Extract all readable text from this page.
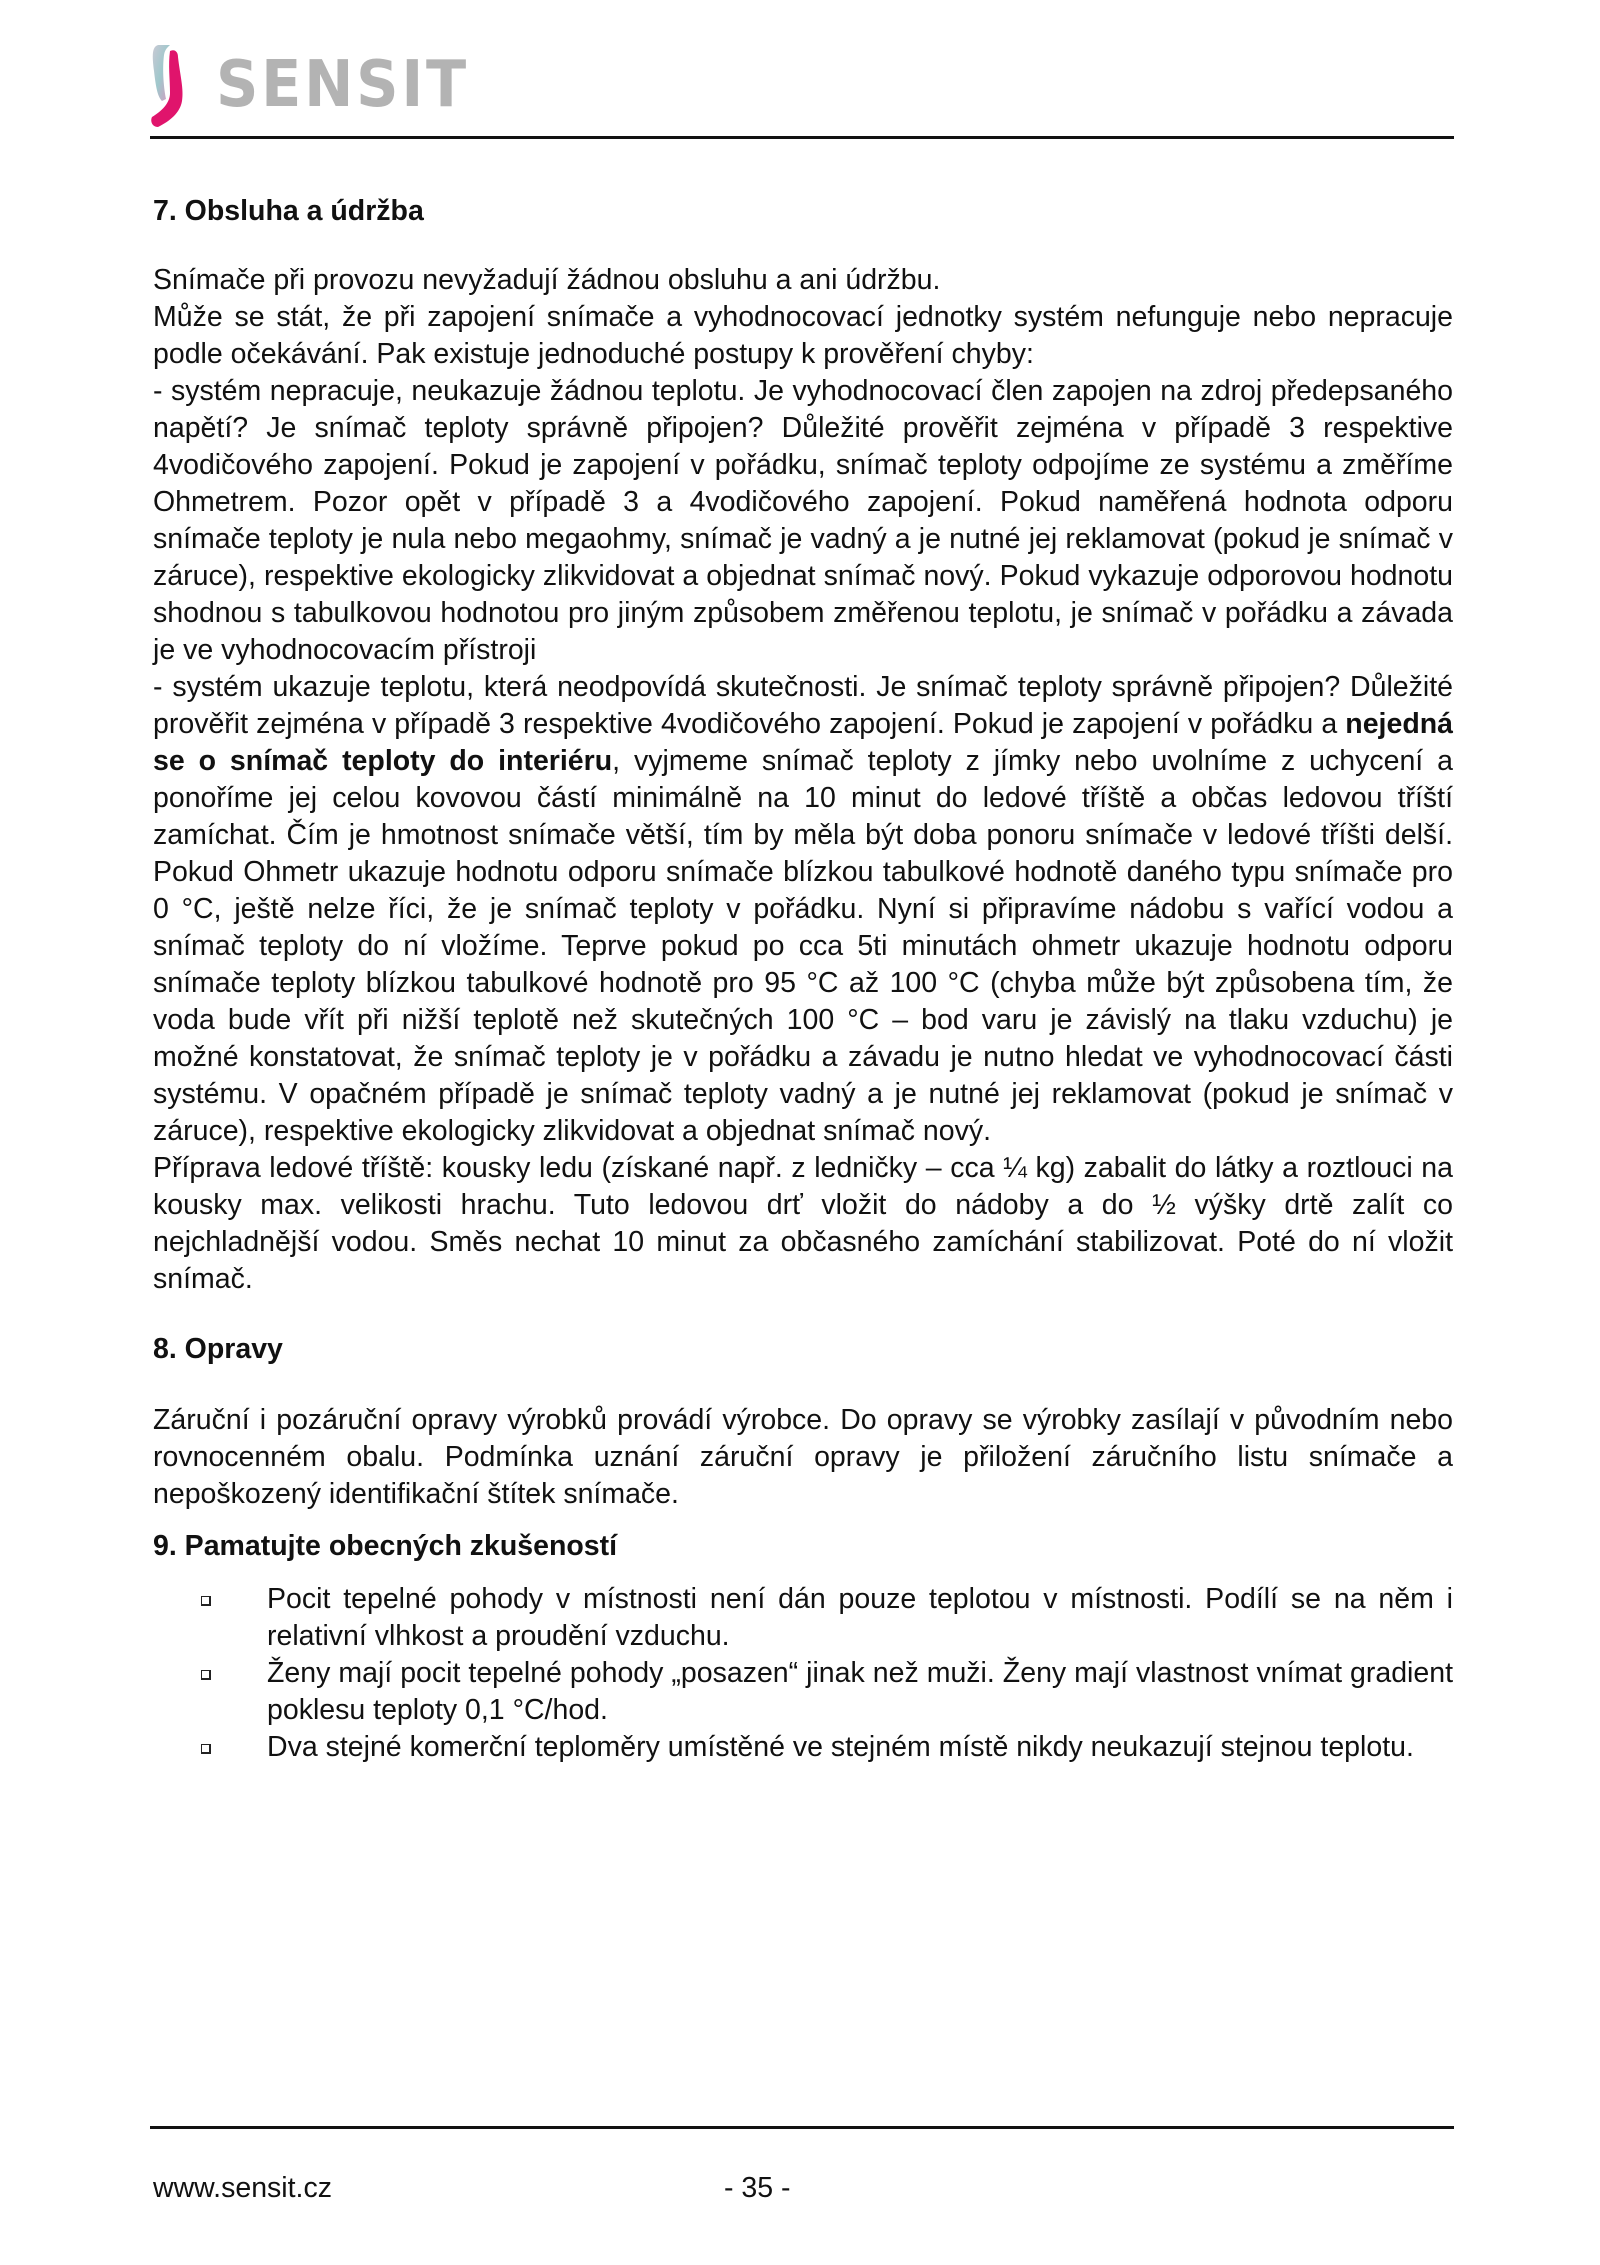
SENSIT
7. Obsluha a údržba

Snímače při provozu nevyžadují žádnou obsluhu a ani údržbu.

Může se stát, že při zapojení snímače a vyhodnocovací jednotky systém nefunguje nebo nepracuje podle očekávání. Pak existuje jednoduché postupy k prověření chyby:

- systém nepracuje, neukazuje žádnou teplotu. Je vyhodnocovací člen zapojen na zdroj předepsaného napětí? Je snímač teploty správně připojen? Důležité prověřit zejména v případě 3 respektive 4vodičového zapojení. Pokud je zapojení v pořádku, snímač teploty odpojíme ze systému a změříme Ohmetrem. Pozor opět v případě 3 a 4vodičového zapojení. Pokud naměřená hodnota odporu snímače teploty je nula nebo megaohmy, snímač je vadný a je nutné jej reklamovat (pokud je snímač v záruce), respektive ekologicky zlikvidovat a objednat snímač nový. Pokud vykazuje odporovou hodnotu shodnou s tabulkovou hodnotou pro jiným způsobem změřenou teplotu, je snímač v pořádku a závada je ve vyhodnocovacím přístroji

- systém ukazuje teplotu, která neodpovídá skutečnosti. Je snímač teploty správně připojen? Důležité prověřit zejména v případě 3 respektive 4vodičového zapojení. Pokud je zapojení v pořádku a nejedná se o snímač teploty do interiéru, vyjmeme snímač teploty z jímky nebo uvolníme z uchycení a ponoříme jej celou kovovou částí minimálně na 10 minut do ledové tříště a občas ledovou tříští zamíchat. Čím je hmotnost snímače větší, tím by měla být doba ponoru snímače v ledové tříšti delší. Pokud Ohmetr ukazuje hodnotu odporu snímače blízkou tabulkové hodnotě daného typu snímače pro 0 °C, ještě nelze říci, že je snímač teploty v pořádku. Nyní si připravíme nádobu s vařící vodou a snímač teploty do ní vložíme. Teprve pokud po cca 5ti minutách ohmetr ukazuje hodnotu odporu snímače teploty blízkou tabulkové hodnotě pro 95 °C až 100 °C (chyba může být způsobena tím, že voda bude vřít při nižší teplotě než skutečných 100 °C – bod varu je závislý na tlaku vzduchu) je možné konstatovat, že snímač teploty je v pořádku a závadu je nutno hledat ve vyhodnocovací části systému. V opačném případě je snímač teploty vadný a je nutné jej reklamovat (pokud je snímač v záruce), respektive ekologicky zlikvidovat a objednat snímač nový.

Příprava ledové tříště: kousky ledu (získané např. z ledničky – cca ¼ kg) zabalit do látky a roztlouci na kousky max. velikosti hrachu. Tuto ledovou drť vložit do nádoby a do ½ výšky drtě zalít co nejchladnější vodou. Směs nechat 10 minut za občasného zamíchání stabilizovat. Poté do ní vložit snímač.

8. Opravy

Záruční i pozáruční opravy výrobků provádí výrobce. Do opravy se výrobky zasílají v původním nebo rovnocenném obalu. Podmínka uznání záruční opravy je přiložení záručního listu snímače a nepoškozený identifikační štítek snímače.

9. Pamatujte obecných zkušeností
Pocit tepelné pohody v místnosti není dán pouze teplotou v místnosti. Podílí se na něm i relativní vlhkost a proudění vzduchu.
Ženy mají pocit tepelné pohody „posazen“ jinak než muži. Ženy mají vlastnost vnímat gradient poklesu teploty 0,1 °C/hod.
Dva stejné komerční teploměry umístěné ve stejném místě nikdy neukazují stejnou teplotu.
www.sensit.cz	- 35 -
